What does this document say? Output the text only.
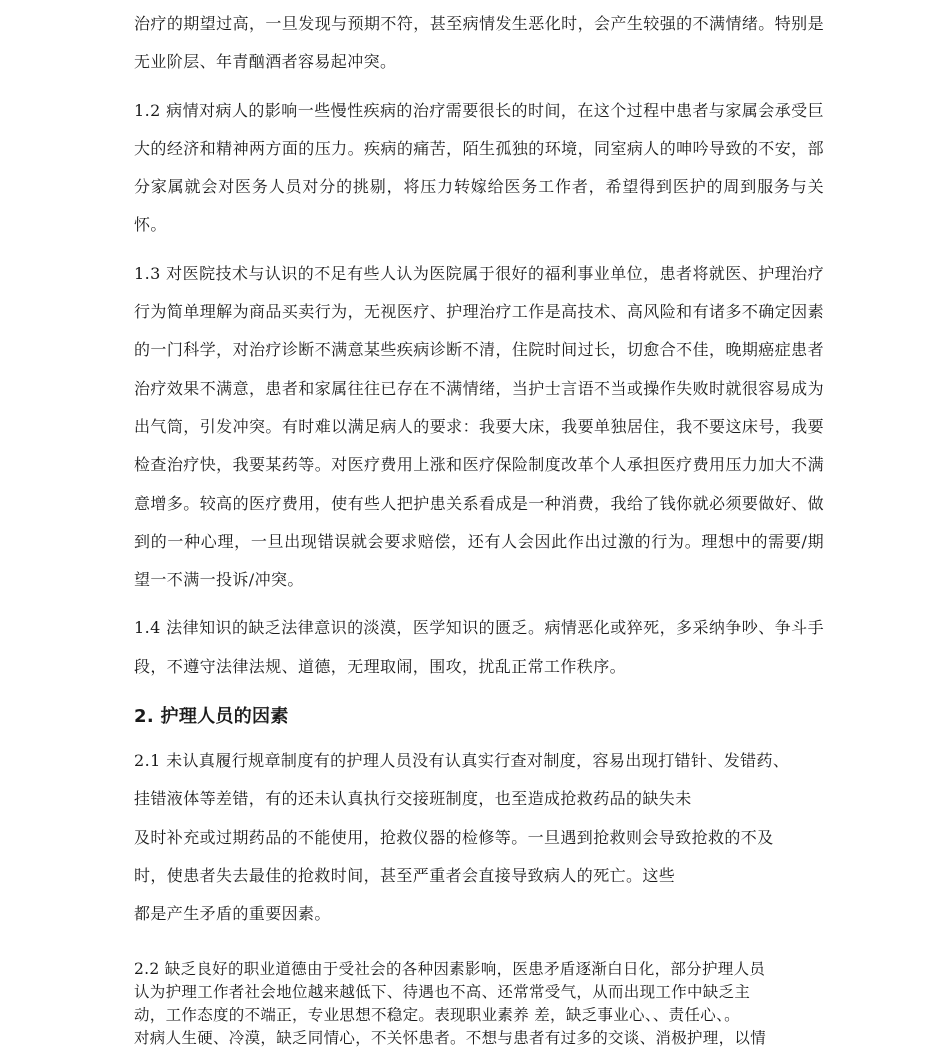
治疗的期望过高，一旦发现与预期不符，甚至病情发生恶化时，会产生较强的不满情绪。特别是无业阶层、年青酗酒者容易起冲突。

1.2 病情对病人的影响一些慢性疾病的治疗需要很长的时间，在这个过程中患者与家属会承受巨大的经济和精神两方面的压力。疾病的痛苦，陌生孤独的环境，同室病人的呻吟导致的不安，部分家属就会对医务人员对分的挑剔，将压力转嫁给医务工作者，希望得到医护的周到服务与关怀。

1.3 对医院技术与认识的不足有些人认为医院属于很好的福利事业单位，患者将就医、护理治疗行为简单理解为商品买卖行为，无视医疗、护理治疗工作是高技术、高风险和有诸多不确定因素的一门科学，对治疗诊断不满意某些疾病诊断不清，住院时间过长，切愈合不佳，晚期癌症患者治疗效果不满意，患者和家属往往已存在不满情绪，当护士言语不当或操作失败时就很容易成为出气筒，引发冲突。有时难以满足病人的要求：我要大床，我要单独居住，我不要这床号，我要检查治疗快，我要某药等。对医疗费用上涨和医疗保险制度改革个人承担医疗费用压力加大不满意增多。较高的医疗费用，使有些人把护患关系看成是一种消费，我给了钱你就必须要做好、做到的一种心理，一旦出现错误就会要求赔偿，还有人会因此作出过激的行为。理想中的需要/期望一不满一投诉/冲突。

1.4 法律知识的缺乏法律意识的淡漠，医学知识的匮乏。病情恶化或猝死，多采纳争吵、争斗手段，不遵守法律法规、道德，无理取闹，围攻，扰乱正常工作秩序。

2. 护理人员的因素
2.1 未认真履行规章制度有的护理人员没有认真实行查对制度，容易出现打错针、发错药、
挂错液体等差错，有的还未认真执行交接班制度，也至造成抢救药品的缺失未
及时补充或过期药品的不能使用，抢救仪器的检修等。一旦遇到抢救则会导致抢救的不及
时，使患者失去最佳的抢救时间，甚至严重者会直接导致病人的死亡。这些
都是产生矛盾的重要因素。
2.2 缺乏良好的职业道德由于受社会的各种因素影响，医患矛盾逐渐白日化，部分护理人员
认为护理工作者社会地位越来越低下、待遇也不高、还常常受气，从而出现工作中缺乏主
动，工作态度的不端正，专业思想不稳定。表现职业素养 差，缺乏事业心、、责任心、。
对病人生硬、冷漠，缺乏同情心，不关怀患者。不想与患者有过多的交谈、消极护理，以情
